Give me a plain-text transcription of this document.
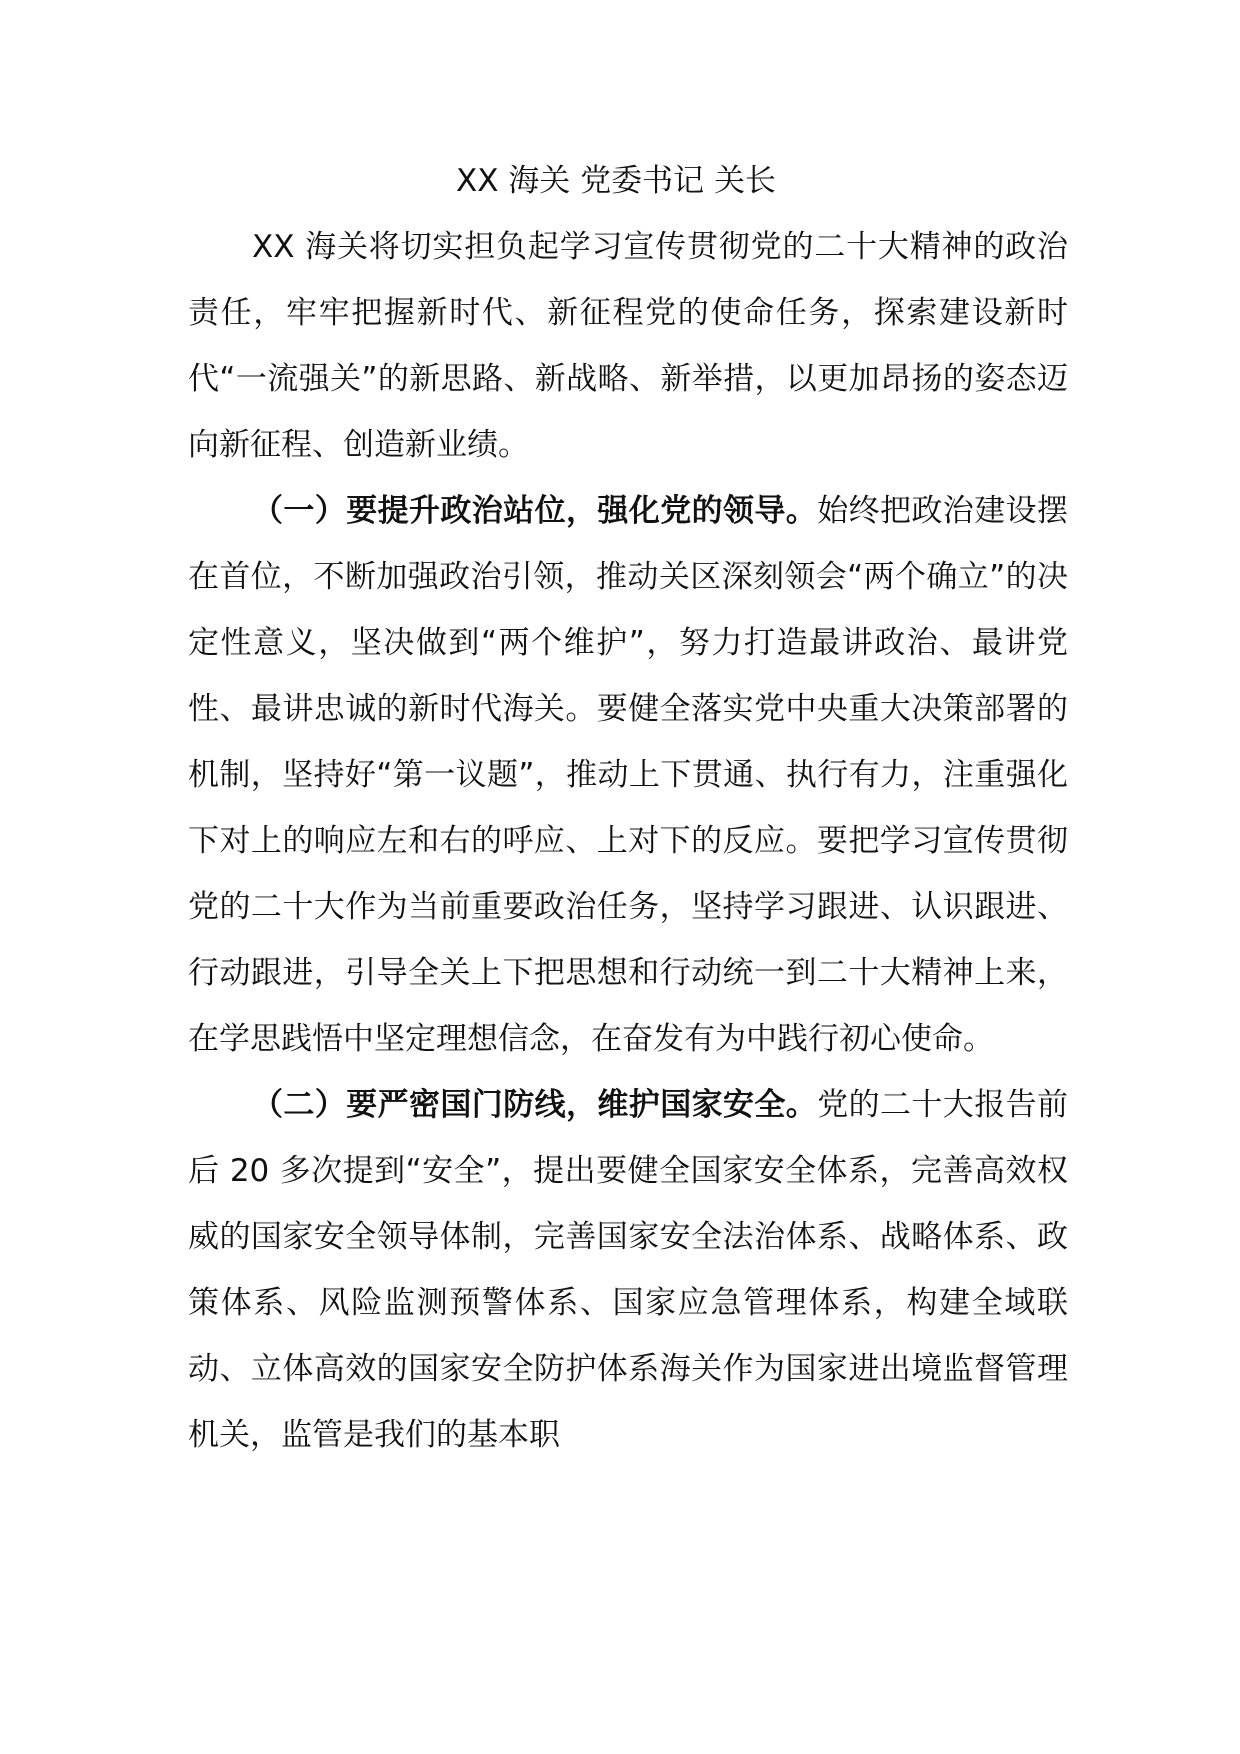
XX 海关 党委书记 关长

XX 海关将切实担负起学习宣传贯彻党的二十大精神的政治责任，牢牢把握新时代、新征程党的使命任务，探索建设新时代“一流强关”的新思路、新战略、新举措，以更加昂扬的姿态迈向新征程、创造新业绩。

（一）要提升政治站位，强化党的领导。始终把政治建设摆在首位，不断加强政治引领，推动关区深刻领会“两个确立”的决定性意义，坚决做到“两个维护”，努力打造最讲政治、最讲党性、最讲忠诚的新时代海关。要健全落实党中央重大决策部署的机制，坚持好“第一议题”，推动上下贯通、执行有力，注重强化下对上的响应左和右的呼应、上对下的反应。要把学习宣传贯彻党的二十大作为当前重要政治任务，坚持学习跟进、认识跟进、行动跟进，引导全关上下把思想和行动统一到二十大精神上来，在学思践悟中坚定理想信念，在奋发有为中践行初心使命。

（二）要严密国门防线，维护国家安全。党的二十大报告前后 20 多次提到“安全”，提出要健全国家安全体系，完善高效权威的国家安全领导体制，完善国家安全法治体系、战略体系、政策体系、风险监测预警体系、国家应急管理体系，构建全域联动、立体高效的国家安全防护体系海关作为国家进出境监督管理机关，监管是我们的基本职
